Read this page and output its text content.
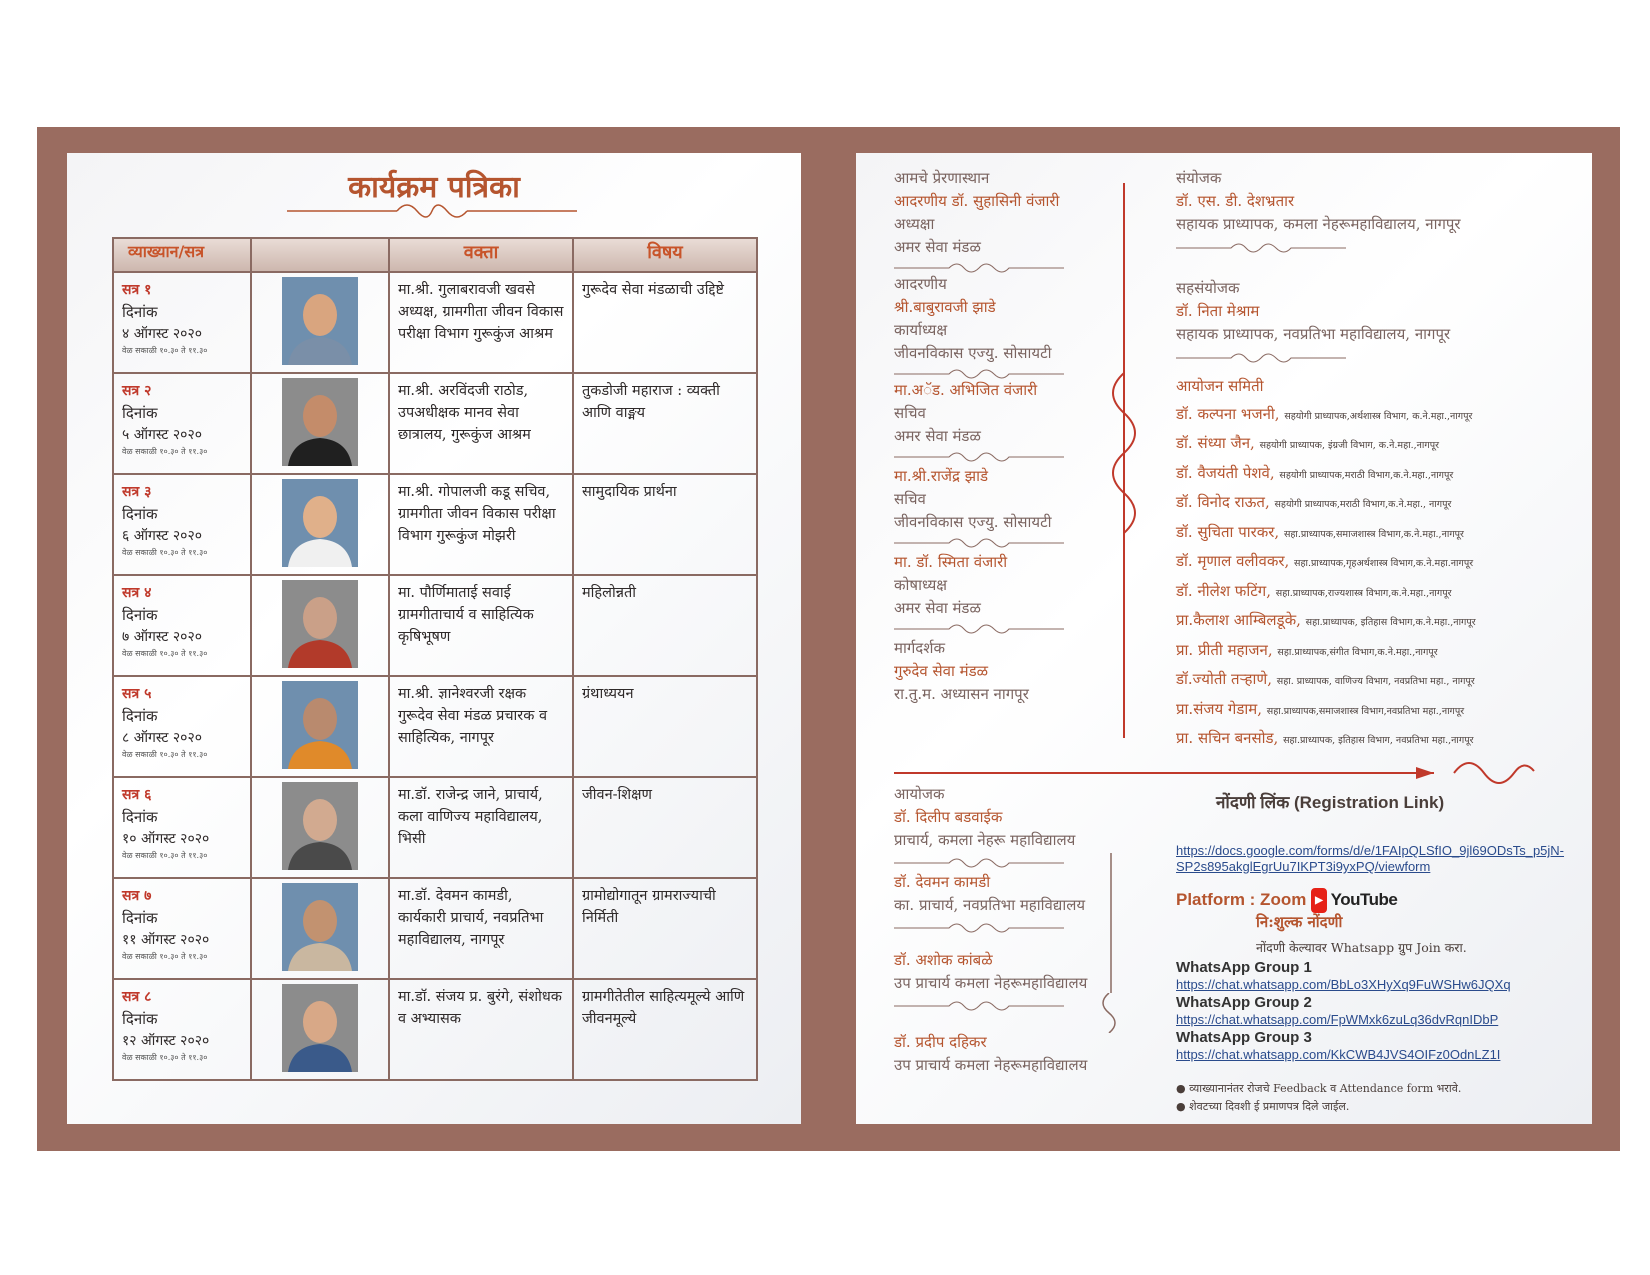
कार्यक्रम पत्रिका
व्याख्यान/सत्र		वक्ता	विषय

सत्र १
दिनांक
४ ऑगस्ट २०२०
वेळ सकाळी १०.३० ते ११.३०		मा.श्री. गुलाबरावजी खवसे अध्यक्ष, ग्रामगीता जीवन विकास परीक्षा विभाग गुरूकुंज आश्रम	गुरूदेव सेवा मंडळाची उद्दिष्टे

सत्र २
दिनांक
५ ऑगस्ट २०२०
वेळ सकाळी १०.३० ते ११.३०		मा.श्री. अरविंदजी राठोड, उपअधीक्षक मानव सेवा छात्रालय, गुरूकुंज आश्रम	तुकडोजी महाराज : व्यक्ती आणि वाङ्मय

सत्र ३
दिनांक
६ ऑगस्ट २०२०
वेळ सकाळी १०.३० ते ११.३०		मा.श्री. गोपालजी कडू सचिव, ग्रामगीता जीवन विकास परीक्षा विभाग गुरूकुंज मोझरी	सामुदायिक प्रार्थना

सत्र ४
दिनांक
७ ऑगस्ट २०२०
वेळ सकाळी १०.३० ते ११.३०		मा. पौर्णिमाताई सवाई ग्रामगीताचार्य व साहित्यिक कृषिभूषण	महिलोन्नती

सत्र ५
दिनांक
८ ऑगस्ट २०२०
वेळ सकाळी १०.३० ते ११.३०		मा.श्री. ज्ञानेश्वरजी रक्षक गुरूदेव सेवा मंडळ प्रचारक व साहित्यिक, नागपूर	ग्रंथाध्ययन

सत्र ६
दिनांक
१० ऑगस्ट २०२०
वेळ सकाळी १०.३० ते ११.३०		मा.डॉ. राजेन्द्र जाने, प्राचार्य, कला वाणिज्य महाविद्यालय, भिसी	जीवन-शिक्षण

सत्र ७
दिनांक
११ ऑगस्ट २०२०
वेळ सकाळी १०.३० ते ११.३०		मा.डॉ. देवमन कामडी, कार्यकारी प्राचार्य, नवप्रतिभा महाविद्यालय, नागपूर	ग्रामोद्योगातून ग्रामराज्याची निर्मिती

सत्र ८
दिनांक
१२ ऑगस्ट २०२०
वेळ सकाळी १०.३० ते ११.३०		मा.डॉ. संजय प्र. बुरंगे, संशोधक व अभ्यासक	ग्रामगीतेतील साहित्यमूल्ये आणि जीवनमूल्ये
आमचे प्रेरणास्थान
आदरणीय डॉ. सुहासिनी वंजारी
अध्यक्षा
अमर सेवा मंडळ
आदरणीय
श्री.बाबुरावजी झाडे
कार्याध्यक्ष
जीवनविकास एज्यु. सोसायटी
मा.अॅड. अभिजित वंजारी
सचिव
अमर सेवा मंडळ
मा.श्री.राजेंद्र झाडे
सचिव
जीवनविकास एज्यु. सोसायटी
मा. डॉ. स्मिता वंजारी
कोषाध्यक्ष
अमर सेवा मंडळ
मार्गदर्शक
गुरुदेव सेवा मंडळ
रा.तु.म. अध्यासन नागपूर
संयोजक
डॉ. एस. डी. देशभ्रतार
सहायक प्राध्यापक, कमला नेहरूमहाविद्यालय, नागपूर
सहसंयोजक
डॉ. निता मेश्राम
सहायक प्राध्यापक, नवप्रतिभा महाविद्यालय, नागपूर
आयोजन समिती
डॉ. कल्पना भजनी, सहयोगी प्राध्यापक,अर्थशास्त्र विभाग, क.ने.महा.,नागपूर
डॉ. संध्या जैन, सहयोगी प्राध्यापक, इंग्रजी विभाग, क.ने.महा.,नागपूर
डॉ. वैजयंती पेशवे, सहयोगी प्राध्यापक,मराठी विभाग,क.ने.महा.,नागपूर
डॉ. विनोद राऊत, सहयोगी प्राध्यापक,मराठी विभाग,क.ने.महा., नागपूर
डॉ. सुचिता पारकर, सहा.प्राध्यापक,समाजशास्त्र विभाग,क.ने.महा.,नागपूर
डॉ. मृणाल वलीवकर, सहा.प्राध्यापक,गृहअर्थशास्त्र विभाग,क.ने.महा.नागपूर
डॉ. नीलेश फटिंग, सहा.प्राध्यापक,राज्यशास्त्र विभाग,क.ने.महा.,नागपूर
प्रा.कैलाश आम्बिलडूके, सहा.प्राध्यापक, इतिहास विभाग,क.ने.महा.,नागपूर
प्रा. प्रीती महाजन, सहा.प्राध्यापक,संगीत विभाग,क.ने.महा.,नागपूर
डॉ.ज्योती तऱ्हाणे, सहा. प्राध्यापक, वाणिज्य विभाग, नवप्रतिभा महा., नागपूर
प्रा.संजय गेडाम, सहा.प्राध्यापक,समाजशास्त्र विभाग,नवप्रतिभा महा.,नागपूर
प्रा. सचिन बनसोड, सहा.प्राध्यापक, इतिहास विभाग, नवप्रतिभा महा.,नागपूर
आयोजक
डॉ. दिलीप बडवाईक
प्राचार्य, कमला नेहरू महाविद्यालय
डॉ. देवमन कामडी
का. प्राचार्य, नवप्रतिभा महाविद्यालय
डॉ. अशोक कांबळे
उप प्राचार्य कमला नेहरूमहाविद्यालय
डॉ. प्रदीप दहिकर
उप प्राचार्य कमला नेहरूमहाविद्यालय
नोंदणी लिंक (Registration Link)
https://docs.google.com/forms/d/e/1FAIpQLSfIO_9jl69ODsTs_p5jN-
SP2s895akglEgrUu7IKPT3i9yxPQ/viewform
Platform : Zoom ▶ YouTube
नि:शुल्क नोंदणी
नोंदणी केल्यावर Whatsapp ग्रुप Join करा.
WhatsApp Group 1
https://chat.whatsapp.com/BbLo3XHyXq9FuWSHw6JQXq
WhatsApp Group 2
https://chat.whatsapp.com/FpWMxk6zuLq36dvRqnIDbP
WhatsApp Group 3
https://chat.whatsapp.com/KkCWB4JVS4OIFz0OdnLZ1I
● व्याख्यानानंतर रोजचे Feedback व Attendance form भरावे.
● शेवटच्या दिवशी ई प्रमाणपत्र दिले जाईल.
